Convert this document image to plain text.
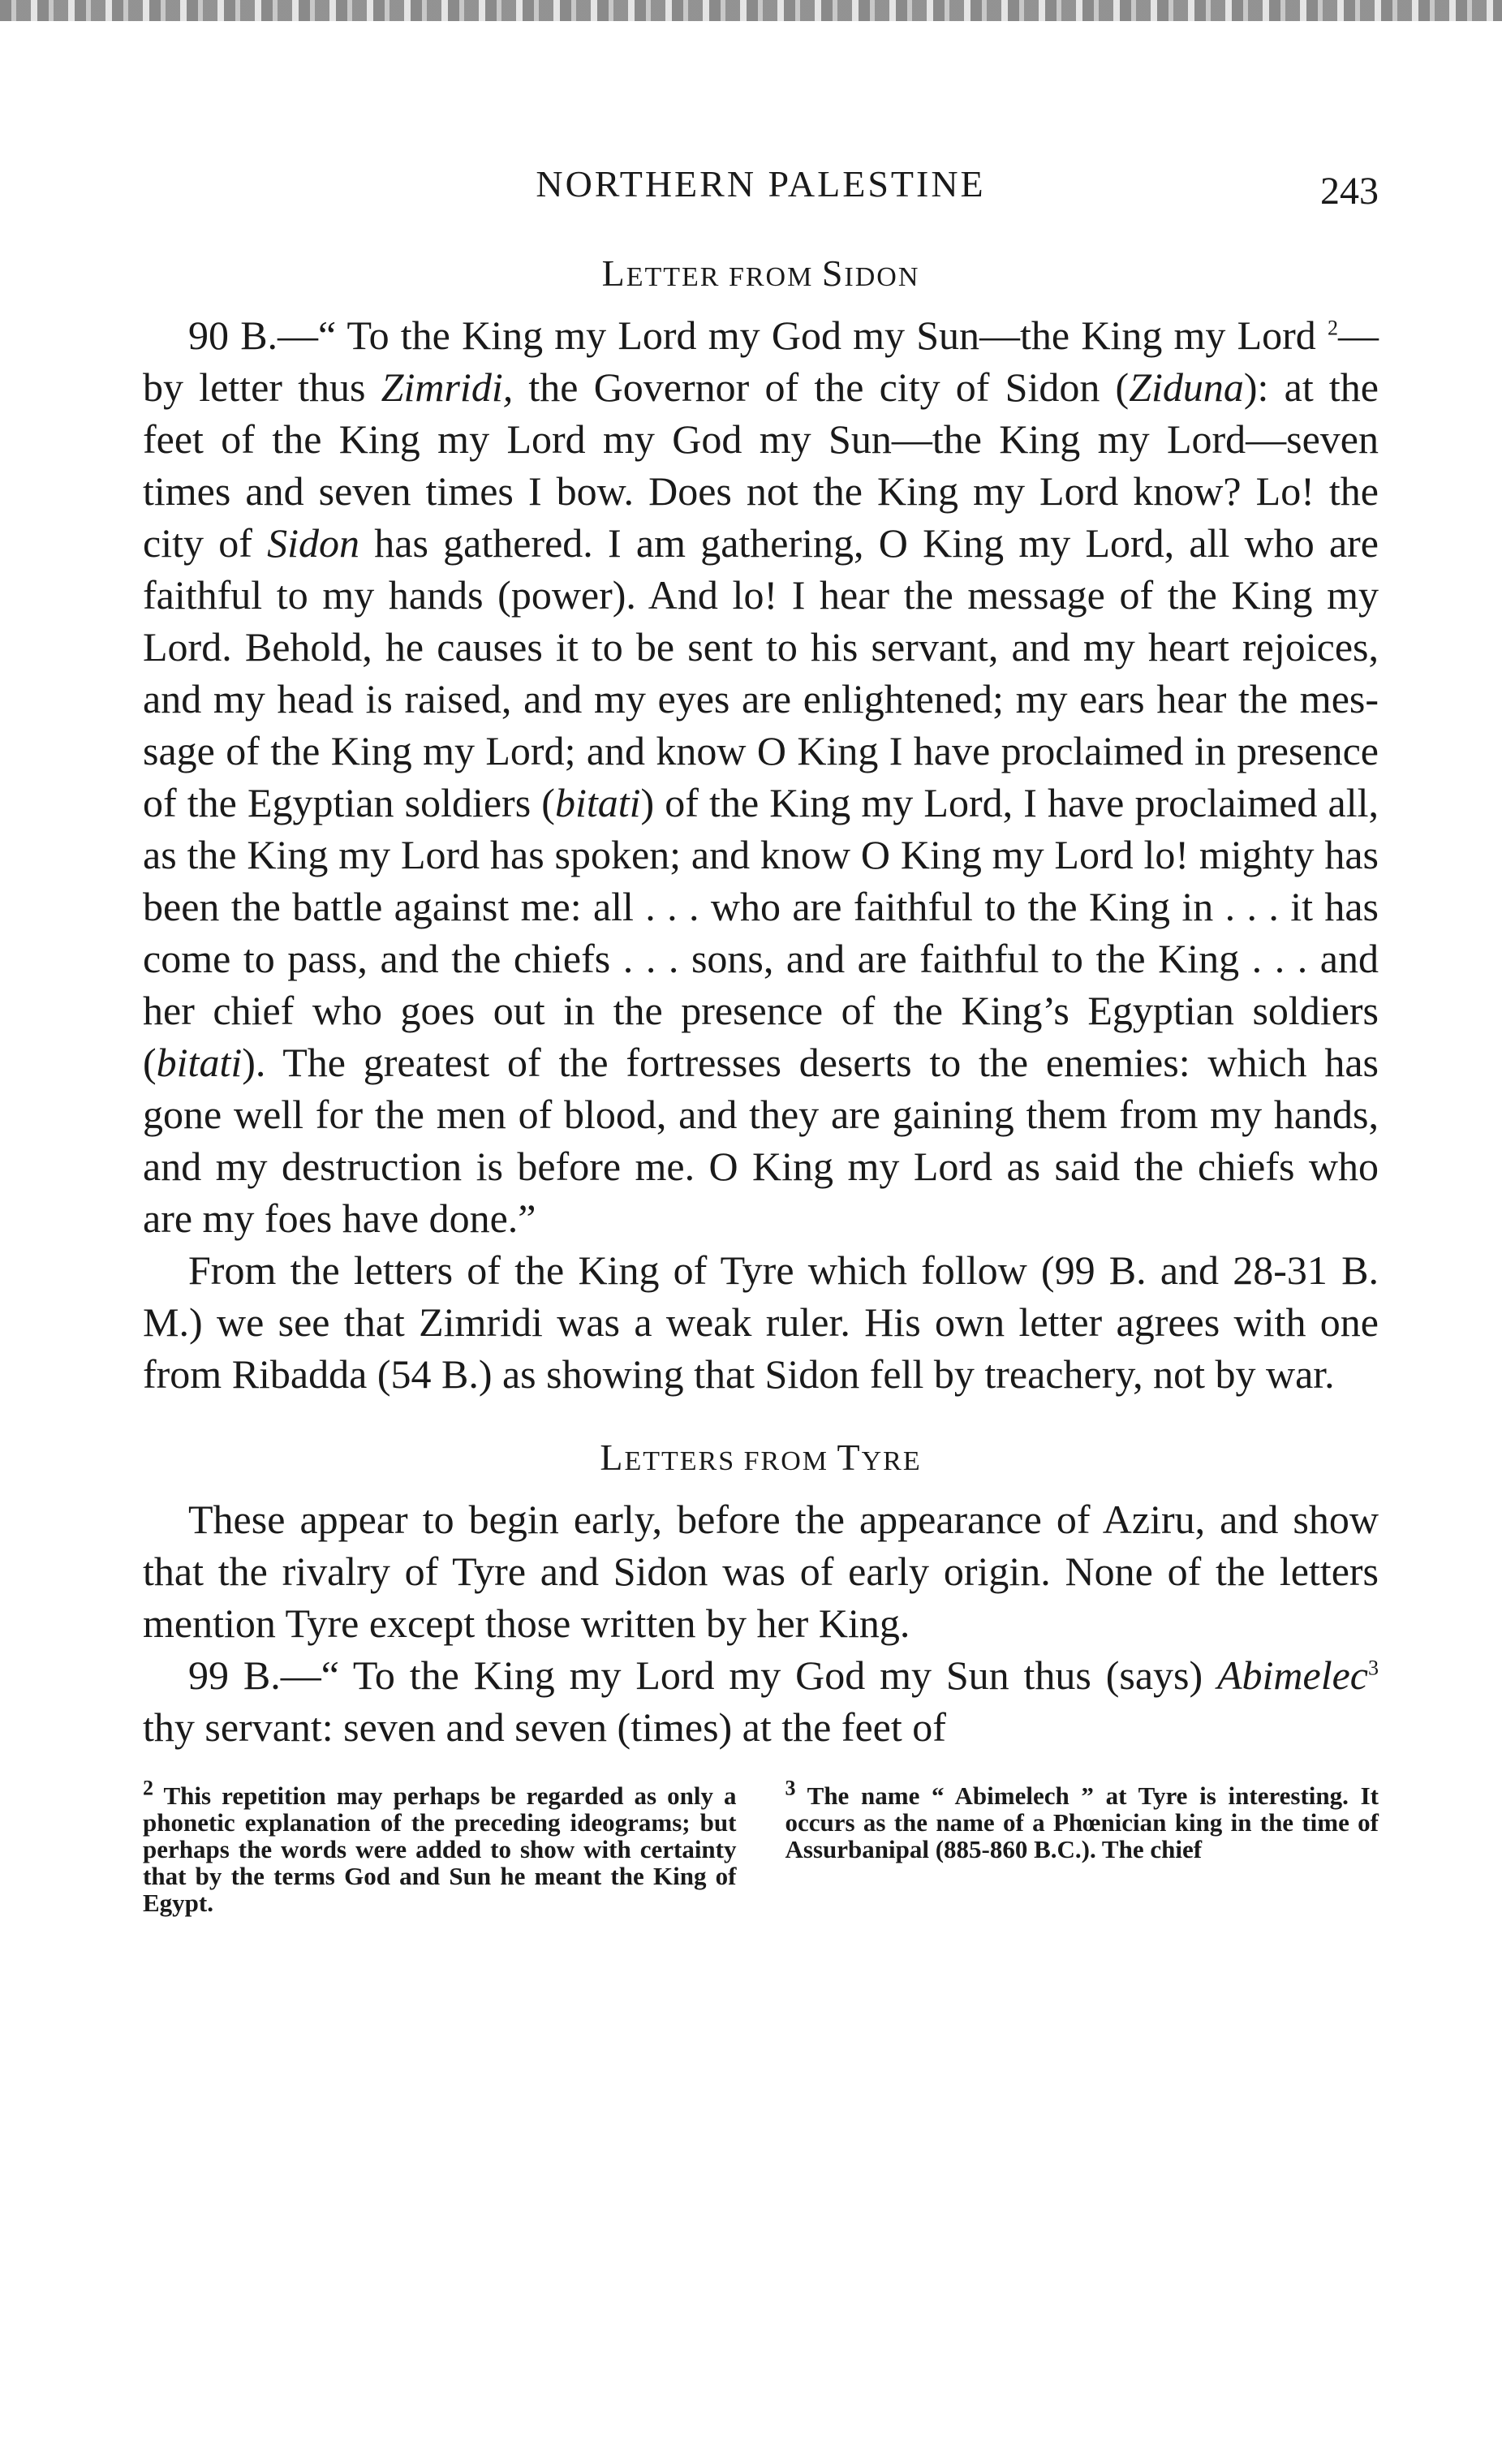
NORTHERN PALESTINE	243
LETTER FROM SIDON

90 B.—“ To the King my Lord my God my Sun—the King my Lord $^2$—by letter thus Zimridi, the Governor of the city of Sidon (Ziduna): at the feet of the King my Lord my God my Sun—the King my Lord—seven times and seven times I bow. Does not the King my Lord know? Lo! the city of Sidon has gathered. I am gathering, O King my Lord, all who are faithful to my hands (power). And lo! I hear the message of the King my Lord. Behold, he causes it to be sent to his servant, and my heart rejoices, and my head is raised, and my eyes are enlightened; my ears hear the message of the King my Lord; and know O King I have proclaimed in presence of the Egyptian soldiers (bitati) of the King my Lord, I have proclaimed all, as the King my Lord has spoken; and know O King my Lord lo! mighty has been the battle against me: all . . . who are faithful to the King in . . . it has come to pass, and the chiefs . . . sons, and are faithful to the King . . . and her chief who goes out in the presence of the King’s Egyptian soldiers (bitati). The greatest of the fortresses deserts to the enemies: which has gone well for the men of blood, and they are gaining them from my hands, and my destruction is before me. O King my Lord as said the chiefs who are my foes have done.”

From the letters of the King of Tyre which follow (99 B. and 28-31 B. M.) we see that Zimridi was a weak ruler. His own letter agrees with one from Ribadda (54 B.) as showing that Sidon fell by treachery, not by war.

LETTERS FROM TYRE

These appear to begin early, before the appearance of Aziru, and show that the rivalry of Tyre and Sidon was of early origin. None of the letters mention Tyre except those written by her King.

99 B.—“ To the King my Lord my God my Sun thus (says) Abimelec$^3$ thy servant: seven and seven (times) at the feet of

$^2$ This repetition may perhaps be regarded as only a phonetic explanation of the preceding ideograms; but perhaps the words were added to show with certainty that by the terms God and Sun he meant the King of Egypt.
$^3$ The name “ Abimelech ” at Tyre is interesting. It occurs as the name of a Phœnician king in the time of Assurbanipal (885-860 B.C.). The chief
